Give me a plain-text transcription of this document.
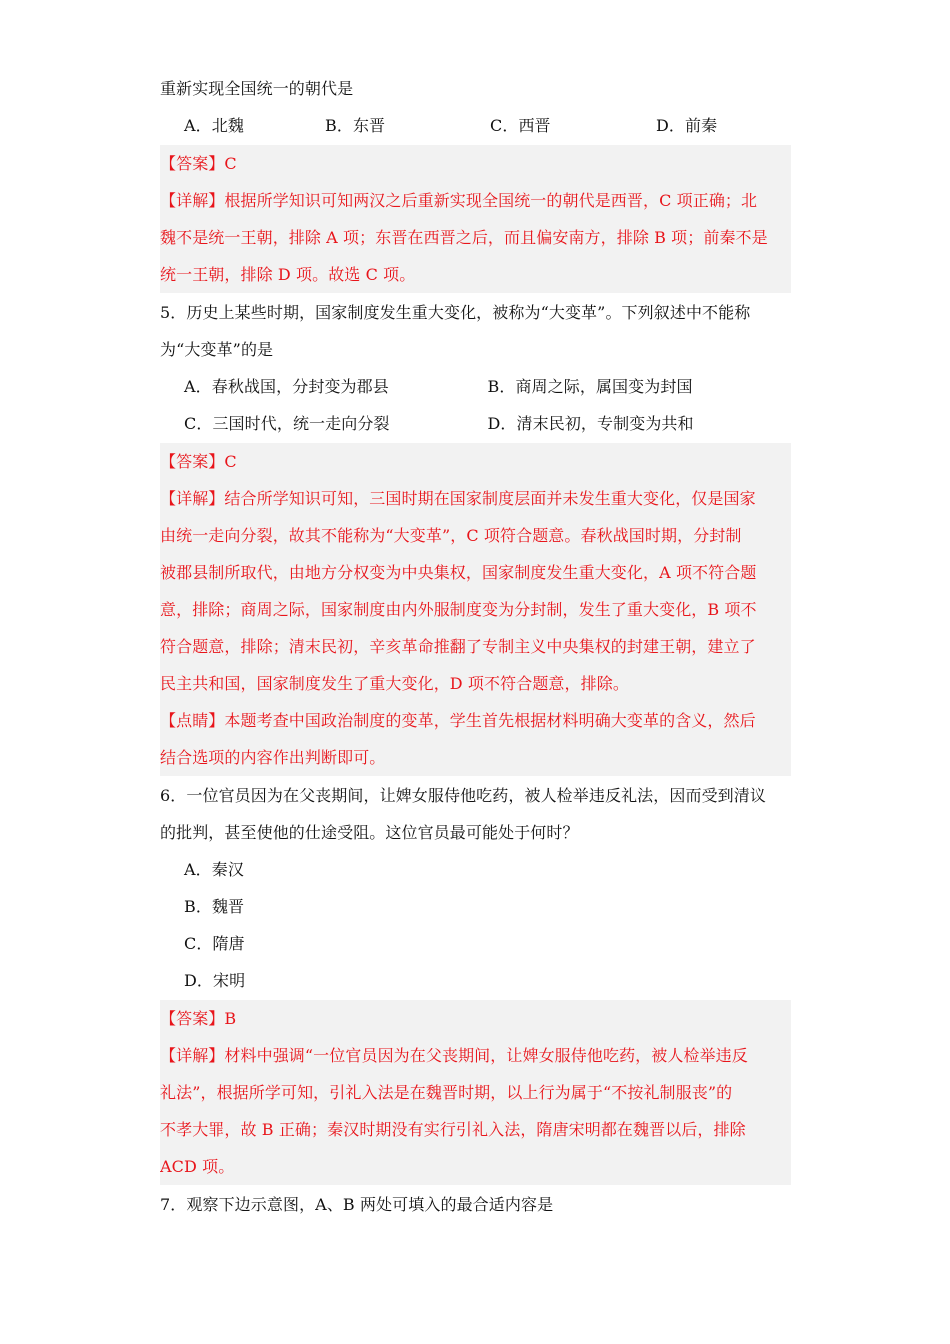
重新实现全国统一的朝代是
A．北魏	B．东晋	C．西晋	D．前秦
【答案】C
【详解】根据所学知识可知两汉之后重新实现全国统一的朝代是西晋，C 项正确；北
魏不是统一王朝，排除 A 项；东晋在西晋之后，而且偏安南方，排除 B 项；前秦不是
统一王朝，排除 D 项。故选 C 项。
5．历史上某些时期，国家制度发生重大变化，被称为“大变革”。下列叙述中不能称
为“大变革”的是
A．春秋战国，分封变为郡县	B．商周之际，属国变为封国
C．三国时代，统一走向分裂	D．清末民初，专制变为共和
【答案】C
【详解】结合所学知识可知，三国时期在国家制度层面并未发生重大变化，仅是国家
由统一走向分裂，故其不能称为“大变革”，C 项符合题意。春秋战国时期，分封制
被郡县制所取代，由地方分权变为中央集权，国家制度发生重大变化，A 项不符合题
意，排除；商周之际，国家制度由内外服制度变为分封制，发生了重大变化，B 项不
符合题意，排除；清末民初，辛亥革命推翻了专制主义中央集权的封建王朝，建立了
民主共和国，国家制度发生了重大变化，D 项不符合题意，排除。
【点睛】本题考查中国政治制度的变革，学生首先根据材料明确大变革的含义，然后
结合选项的内容作出判断即可。
6．一位官员因为在父丧期间，让婢女服侍他吃药，被人检举违反礼法，因而受到清议
的批判，甚至使他的仕途受阻。这位官员最可能处于何时？
A．秦汉
B．魏晋
C．隋唐
D．宋明
【答案】B
【详解】材料中强调“一位官员因为在父丧期间，让婢女服侍他吃药，被人检举违反
礼法”，根据所学可知，引礼入法是在魏晋时期，以上行为属于“不按礼制服丧”的
不孝大罪，故 B 正确；秦汉时期没有实行引礼入法，隋唐宋明都在魏晋以后，排除
ACD 项。
7．观察下边示意图，A、B 两处可填入的最合适内容是
